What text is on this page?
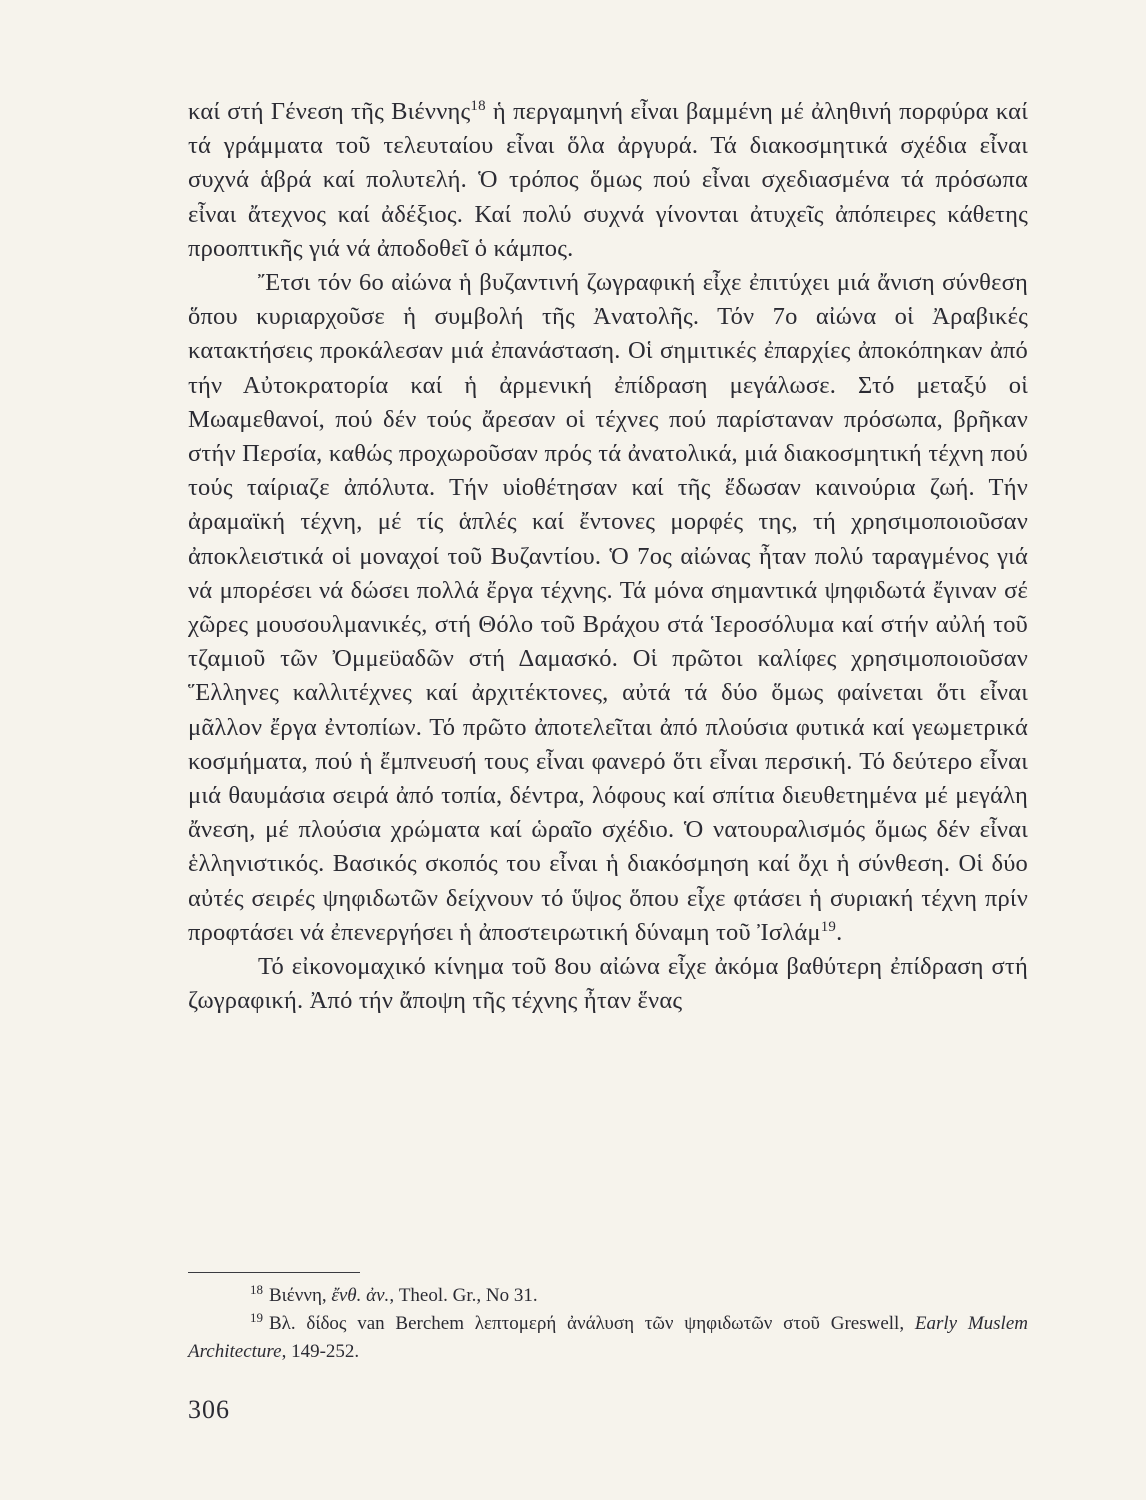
καί στή Γένεση τῆς Βιέννης$^{18}$ ἡ περγαμηνή εἶναι βαμμένη μέ ἀληθινή πορφύρα καί τά γράμματα τοῦ τελευταίου εἶναι ὅλα ἀργυρά. Τά διακοσμητικά σχέδια εἶναι συχνά ἁβρά καί πολυτελή. Ὁ τρόπος ὅμως πού εἶναι σχεδιασμένα τά πρόσωπα εἶναι ἄτεχνος καί ἀδέξιος. Καί πολύ συχνά γίνονται ἀτυχεῖς ἀπόπειρες κάθετης προοπτικῆς γιά νά ἀποδοθεῖ ὁ κάμπος.

Ἔτσι τόν 6ο αἰώνα ἡ βυζαντινή ζωγραφική εἶχε ἐπιτύχει μιά ἄνιση σύνθεση ὅπου κυριαρχοῦσε ἡ συμβολή τῆς Ἀνατολῆς. Τόν 7ο αἰώνα οἱ Ἀραβικές κατακτήσεις προκάλεσαν μιά ἐπανάσταση. Οἱ σημιτικές ἐπαρχίες ἀποκόπηκαν ἀπό τήν Αὐτοκρατορία καί ἡ ἀρμενική ἐπίδραση μεγάλωσε. Στό μεταξύ οἱ Μωαμεθανοί, πού δέν τούς ἄρεσαν οἱ τέχνες πού παρίσταναν πρόσωπα, βρῆκαν στήν Περσία, καθώς προχωροῦσαν πρός τά ἀνατολικά, μιά διακοσμητική τέχνη πού τούς ταίριαζε ἀπόλυτα. Τήν υἱοθέτησαν καί τῆς ἔδωσαν καινούρια ζωή. Τήν ἀραμαϊκή τέχνη, μέ τίς ἁπλές καί ἔντονες μορφές της, τή χρησιμοποιοῦσαν ἀποκλειστικά οἱ μοναχοί τοῦ Βυζαντίου. Ὁ 7ος αἰώνας ἦταν πολύ ταραγμένος γιά νά μπορέσει νά δώσει πολλά ἔργα τέχνης. Τά μόνα σημαντικά ψηφιδωτά ἔγιναν σέ χῶρες μουσουλμανικές, στή Θόλο τοῦ Βράχου στά Ἱεροσόλυμα καί στήν αὐλή τοῦ τζαμιοῦ τῶν Ὀμμεϋαδῶν στή Δαμασκό. Οἱ πρῶτοι καλίφες χρησιμοποιοῦσαν Ἕλληνες καλλιτέχνες καί ἀρχιτέκτονες, αὐτά τά δύο ὅμως φαίνεται ὅτι εἶναι μᾶλλον ἔργα ἐντοπίων. Τό πρῶτο ἀποτελεῖται ἀπό πλούσια φυτικά καί γεωμετρικά κοσμήματα, πού ἡ ἔμπνευσή τους εἶναι φανερό ὅτι εἶναι περσική. Τό δεύτερο εἶναι μιά θαυμάσια σειρά ἀπό τοπία, δέντρα, λόφους καί σπίτια διευθετημένα μέ μεγάλη ἄνεση, μέ πλούσια χρώματα καί ὡραῖο σχέδιο. Ὁ νατουραλισμός ὅμως δέν εἶναι ἑλληνιστικός. Βασικός σκοπός του εἶναι ἡ διακόσμηση καί ὄχι ἡ σύνθεση. Οἱ δύο αὐτές σειρές ψηφιδωτῶν δείχνουν τό ὕψος ὅπου εἶχε φτάσει ἡ συριακή τέχνη πρίν προφτάσει νά ἐπενεργήσει ἡ ἀποστειρωτική δύναμη τοῦ Ἰσλάμ$^{19}$.

Τό εἰκονομαχικό κίνημα τοῦ 8ου αἰώνα εἶχε ἀκόμα βαθύτερη ἐπίδραση στή ζωγραφική. Ἀπό τήν ἄποψη τῆς τέχνης ἦταν ἕνας

$^{18}$ Βιέννη, ἔνθ. ἀν., Theol. Gr., No 31.

$^{19}$ Βλ. δίδος van Berchem λεπτομερή ἀνάλυση τῶν ψηφιδωτῶν στοῦ Greswell, Early Muslem Architecture, 149-252.

306
